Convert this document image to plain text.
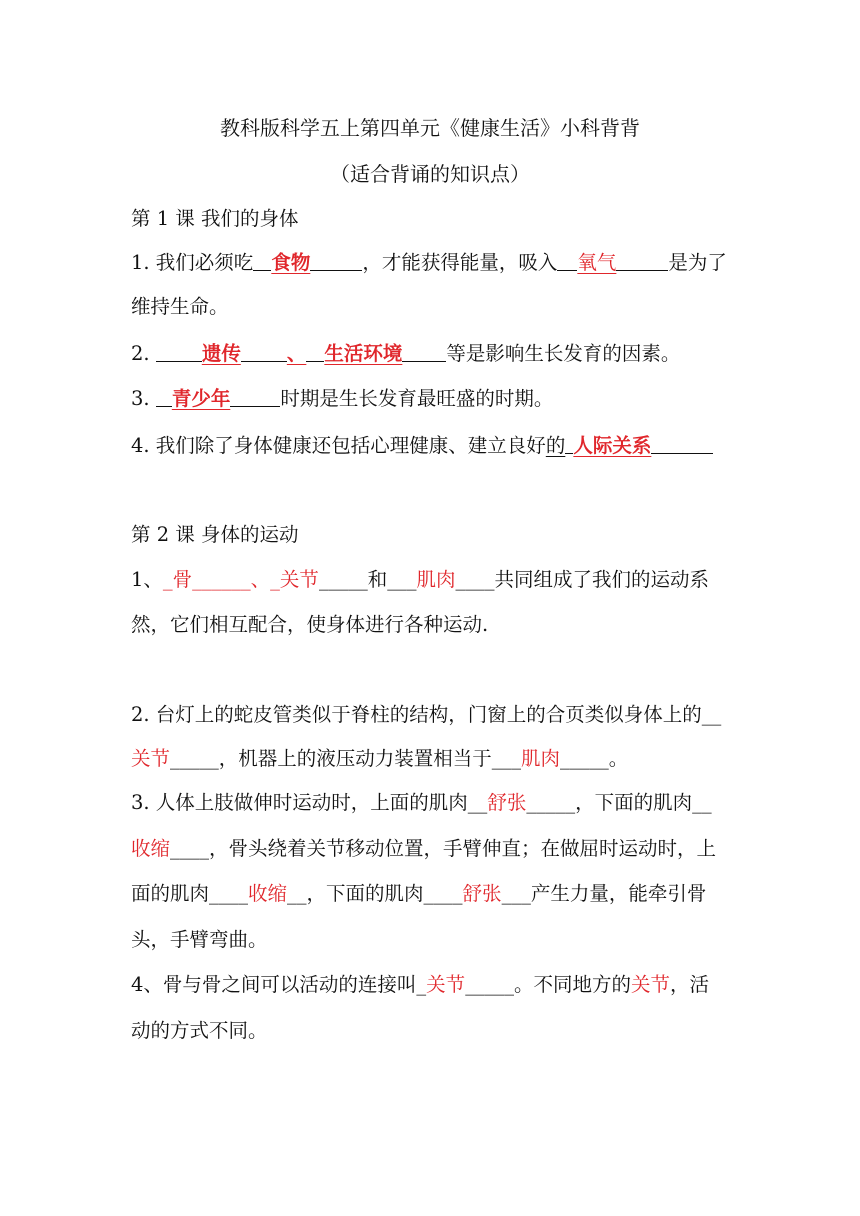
教科版科学五上第四单元《健康生活》小科背背
（适合背诵的知识点）
第 1 课 我们的身体
1. 我们必须吃 食物	，才能获得能量，吸入 氧气	是为了
维持生命。
2. 遗传 、 生活环境 等是影响生长发育的因素。
3. 青少年	时期是生长发育最旺盛的时期。
4. 我们除了身体健康还包括心理健康、建立良好的 人际关系
第 2 课 身体的运动
1、_骨______、_关节_____和___肌肉____共同组成了我们的运动系
然，它们相互配合，使身体进行各种运动.
2. 台灯上的蛇皮管类似于脊柱的结构，门窗上的合页类似身体上的__
关节_____，机器上的液压动力装置相当于___肌肉_____。
3. 人体上肢做伸时运动时，上面的肌肉__舒张_____，下面的肌肉__
收缩____，骨头绕着关节移动位置，手臂伸直；在做屈时运动时，上
面的肌肉____收缩__，下面的肌肉____舒张___产生力量，能牵引骨
头，手臂弯曲。
4、骨与骨之间可以活动的连接叫_关节_____。不同地方的关节，活
动的方式不同。
